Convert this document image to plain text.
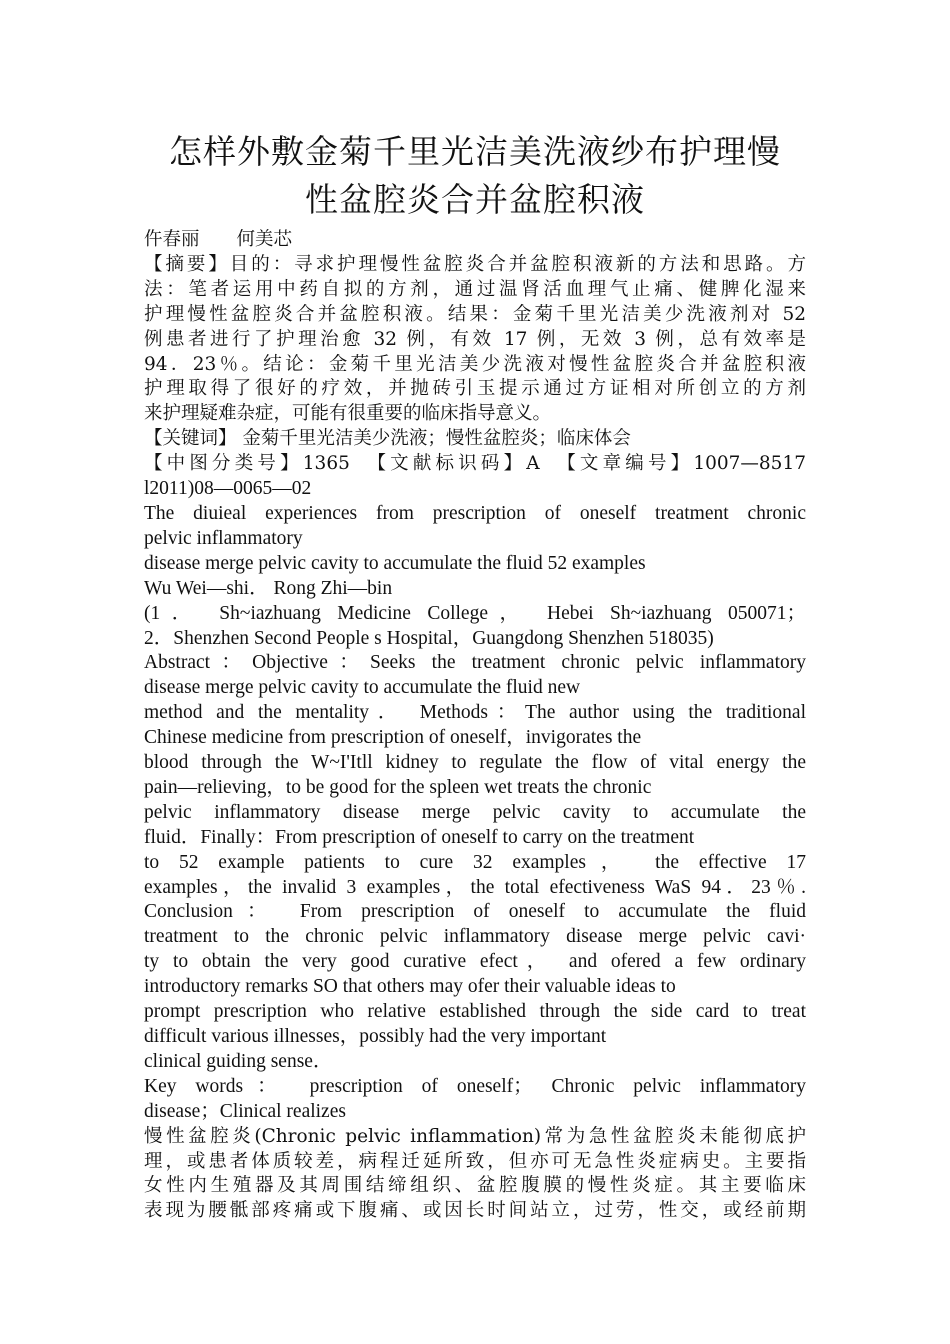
怎样外敷金菊千里光洁美洗液纱布护理慢
性盆腔炎合并盆腔积液
仵春丽　　何美芯
【摘要】目的：寻求护理慢性盆腔炎合并盆腔积液新的方法和思路。方
法：笔者运用中药自拟的方剂，通过温肾活血理气止痛、健脾化湿来
护理慢性盆腔炎合并盆腔积液。结果：金菊千里光洁美少洗液剂对 52
例患者进行了护理治愈 32 例，有效 17 例，无效 3 例，总有效率是
94．23％。结论：金菊千里光洁美少洗液对慢性盆腔炎合并盆腔积液
护理取得了很好的疗效，并抛砖引玉提示通过方证相对所创立的方剂
来护理疑难杂症，可能有很重要的临床指导意义。
【关键词】 金菊千里光洁美少洗液；慢性盆腔炎；临床体会
【中图分类号】1365　【文献标识码】A　【文章编号】1007—8517
l2011)08—0065—02
The diuieal experiences from prescription of oneself treatment chronic
pelvic inflammatory
disease merge pelvic cavity to accumulate the fluid 52 examples
Wu Wei—shi． Rong Zhi—bin
(1． Sh~iazhuang Medicine College， Hebei Sh~iazhuang 050071；
2．Shenzhen Second People s Hospital，Guangdong Shenzhen 518035)
Abstract：Objective：Seeks the treatment chronic pelvic inflammatory
disease merge pelvic cavity to accumulate the fluid new
method and the mentality． Methods：The author using the traditional
Chinese medicine from prescription of oneself，invigorates the
blood through the W~I'Itll kidney to regulate the flow of vital energy the
pain—relieving，to be good for the spleen wet treats the chronic
pelvic inflammatory disease merge pelvic cavity to accumulate the
fluid．Finally：From prescription of oneself to carry on the treatment
to 52 example patients to cure 32 examples， the effective 17
examples，the invalid 3 examples，the total efectiveness WaS 94．23％.
Conclusion： From prescription of oneself to accumulate the fluid
treatment to the chronic pelvic inflammatory disease merge pelvic cavi·
ty to obtain the very good curative efect， and ofered a few ordinary
introductory remarks SO that others may ofer their valuable ideas to
prompt prescription who relative established through the side card to treat
difficult various illnesses，possibly had the very important
clinical guiding sense．
Key words： prescription of oneself； Chronic pelvic inflammatory
disease；Clinical realizes
慢性盆腔炎(Chronic pelvic inflammation)常为急性盆腔炎未能彻底护
理，或患者体质较差，病程迁延所致，但亦可无急性炎症病史。主要指
女性内生殖器及其周围结缔组织、盆腔腹膜的慢性炎症。其主要临床
表现为腰骶部疼痛或下腹痛、或因长时间站立，过劳，性交，或经前期
